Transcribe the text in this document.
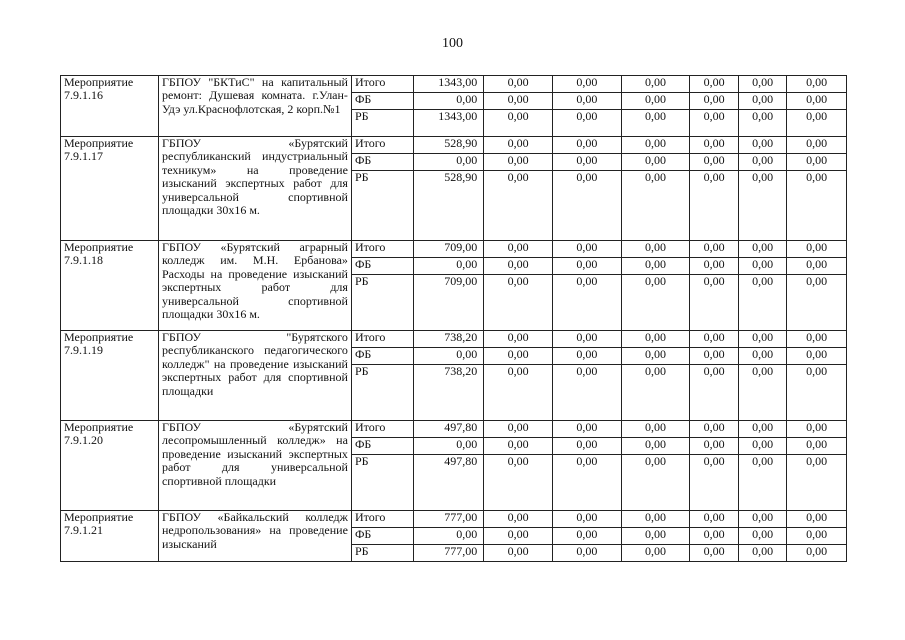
100
Мероприятие 7.9.1.16	ГБПОУ "БКТиС" на капитальный ремонт: Душевая комната. г.Улан-Удэ ул.Краснофлотская, 2 корп.№1	Итого	1343,00	0,00	0,00	0,00	0,00	0,00	0,00
		ФБ	0,00	0,00	0,00	0,00	0,00	0,00	0,00
		РБ	1343,00	0,00	0,00	0,00	0,00	0,00	0,00
Мероприятие 7.9.1.17	ГБПОУ «Бурятский республиканский индустриальный техникум» на проведение изысканий экспертных работ для универсальной спортивной площадки 30х16 м.	Итого	528,90	0,00	0,00	0,00	0,00	0,00	0,00
		ФБ	0,00	0,00	0,00	0,00	0,00	0,00	0,00
		РБ	528,90	0,00	0,00	0,00	0,00	0,00	0,00
Мероприятие 7.9.1.18	ГБПОУ «Бурятский аграрный колледж им. М.Н. Ербанова» Расходы на проведение изысканий экспертных работ для универсальной спортивной площадки 30х16 м.	Итого	709,00	0,00	0,00	0,00	0,00	0,00	0,00
		ФБ	0,00	0,00	0,00	0,00	0,00	0,00	0,00
		РБ	709,00	0,00	0,00	0,00	0,00	0,00	0,00
Мероприятие 7.9.1.19	ГБПОУ "Бурятского республиканского педагогического колледж" на проведение изысканий экспертных работ для спортивной площадки	Итого	738,20	0,00	0,00	0,00	0,00	0,00	0,00
		ФБ	0,00	0,00	0,00	0,00	0,00	0,00	0,00
		РБ	738,20	0,00	0,00	0,00	0,00	0,00	0,00
Мероприятие 7.9.1.20	ГБПОУ «Бурятский лесопромышленный колледж» на проведение изысканий экспертных работ для универсальной спортивной площадки	Итого	497,80	0,00	0,00	0,00	0,00	0,00	0,00
		ФБ	0,00	0,00	0,00	0,00	0,00	0,00	0,00
		РБ	497,80	0,00	0,00	0,00	0,00	0,00	0,00
Мероприятие 7.9.1.21	ГБПОУ «Байкальский колледж недропользования» на проведение изысканий	Итого	777,00	0,00	0,00	0,00	0,00	0,00	0,00
		ФБ	0,00	0,00	0,00	0,00	0,00	0,00	0,00
		РБ	777,00	0,00	0,00	0,00	0,00	0,00	0,00
